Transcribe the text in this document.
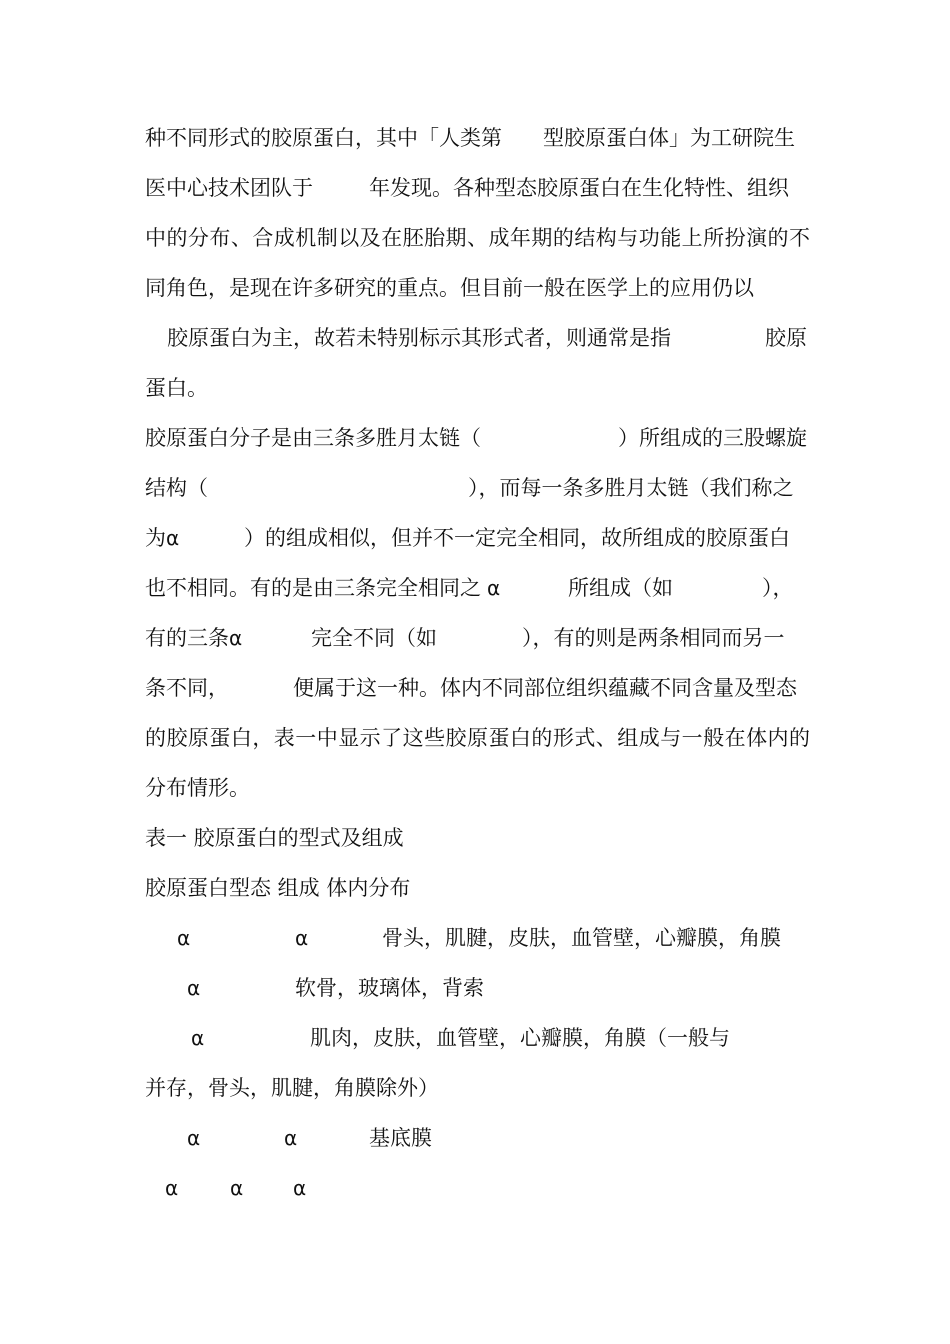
种不同形式的胶原蛋白，其中「人类第 型胶原蛋白体」为工研院生
医中心技术团队于	年发现。各种型态胶原蛋白在生化特性、组织
中的分布、合成机制以及在胚胎期、成年期的结构与功能上所扮演的不
同角色，是现在许多研究的重点。但目前一般在医学上的应用仍以
胶原蛋白为主，故若未特别标示其形式者，则通常是指	胶原
蛋白。
胶原蛋白分子是由三条多胜月太链（	）所组成的三股螺旋
结构（	），而每一条多胜月太链（我们称之
为 α	）的组成相似，但并不一定完全相同，故所组成的胶原蛋白
也不相同。有的是由三条完全相同之 α	所组成（如	），
有的三条 α	完全不同（如	），有的则是两条相同而另一
条不同，	便属于这一种。体内不同部位组织蕴藏不同含量及型态
的胶原蛋白，表一中显示了这些胶原蛋白的形式、组成与一般在体内的
分布情形。
表一 胶原蛋白的型式及组成
胶原蛋白型态 组成 体内分布
α	α	骨头，肌腱，皮肤，血管壁，心瓣膜，角膜
α	软骨，玻璃体，背索
α	肌肉，皮肤，血管壁，心瓣膜，角膜（一般与
并存，骨头，肌腱，角膜除外）
α	α	基底膜
α	α α
